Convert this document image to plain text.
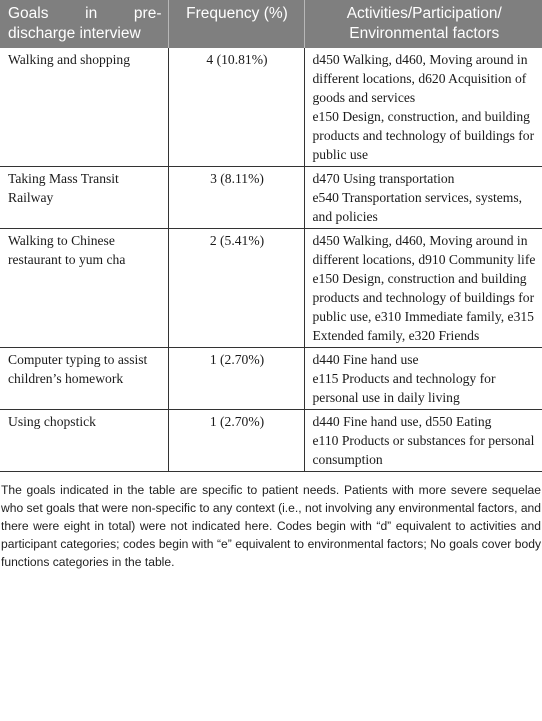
Goals in pre-discharge interview	Frequency (%)	Activities/Participation/ Environmental factors
Walking and shopping	4 (10.81%)	d450 Walking, d460, Moving around in different locations, d620 Acquisition of goods and services
e150 Design, construction, and building products and technology of buildings for public use

Taking Mass Transit Railway	3 (8.11%)	d470 Using transportation
e540 Transportation services, systems, and policies

Walking to Chinese restaurant to yum cha	2 (5.41%)	d450 Walking, d460, Moving around in different locations, d910 Community life
e150 Design, construction and building products and technology of buildings for public use, e310 Immediate family, e315 Extended family, e320 Friends

Computer typing to assist children’s homework	1 (2.70%)	d440 Fine hand use
e115 Products and technology for personal use in daily living

Using chopstick	1 (2.70%)	d440 Fine hand use, d550 Eating
e110 Products or substances for personal consumption

The goals indicated in the table are specific to patient needs. Patients with more severe sequelae who set goals that were non-specific to any context (i.e., not involving any environmental factors, and there were eight in total) were not indicated here. Codes begin with “d” equivalent to activities and participant categories; codes begin with “e” equivalent to environmental factors; No goals cover body functions categories in the table.
